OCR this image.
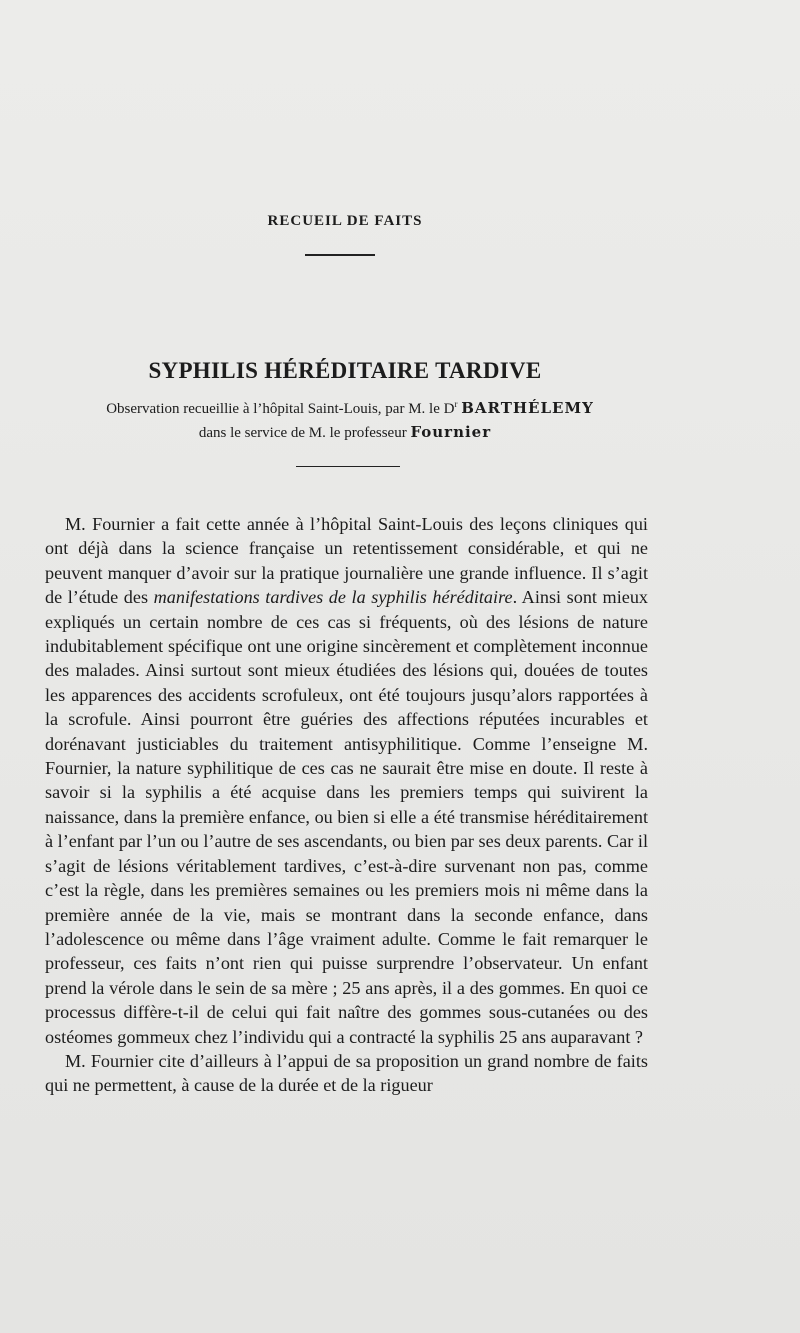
RECUEIL DE FAITS
SYPHILIS HÉRÉDITAIRE TARDIVE
Observation recueillie à l’hôpital Saint-Louis, par M. le $D^r$ BARTHÉLEMY
dans le service de M. le professeur Fournier

M. Fournier a fait cette année à l’hôpital Saint-Louis des leçons cliniques qui ont déjà dans la science française un retentissement considérable, et qui ne peuvent manquer d’avoir sur la pratique journalière une grande influence. Il s’agit de l’étude des manifestations tardives de la syphilis héréditaire. Ainsi sont mieux expliqués un certain nombre de ces cas si fréquents, où des lésions de nature indubitablement spécifique ont une origine sincèrement et complètement inconnue des malades. Ainsi surtout sont mieux étudiées des lésions qui, douées de toutes les apparences des accidents scrofuleux, ont été toujours jusqu’alors rapportées à la scrofule. Ainsi pourront être guéries des affections réputées incurables et dorénavant justiciables du traitement antisyphilitique. Comme l’enseigne M. Fournier, la nature syphilitique de ces cas ne saurait être mise en doute. Il reste à savoir si la syphilis a été acquise dans les premiers temps qui suivirent la naissance, dans la première enfance, ou bien si elle a été transmise héréditairement à l’enfant par l’un ou l’autre de ses ascendants, ou bien par ses deux parents. Car il s’agit de lésions véritablement tardives, c’est-à-dire survenant non pas, comme c’est la règle, dans les premières semaines ou les premiers mois ni même dans la première année de la vie, mais se montrant dans la seconde enfance, dans l’adolescence ou même dans l’âge vraiment adulte. Comme le fait remarquer le professeur, ces faits n’ont rien qui puisse surprendre l’observateur. Un enfant prend la vérole dans le sein de sa mère ; 25 ans après, il a des gommes. En quoi ce processus diffère-t-il de celui qui fait naître des gommes sous-cutanées ou des ostéomes gommeux chez l’individu qui a contracté la syphilis 25 ans auparavant ?

M. Fournier cite d’ailleurs à l’appui de sa proposition un grand nombre de faits qui ne permettent, à cause de la durée et de la rigueur
